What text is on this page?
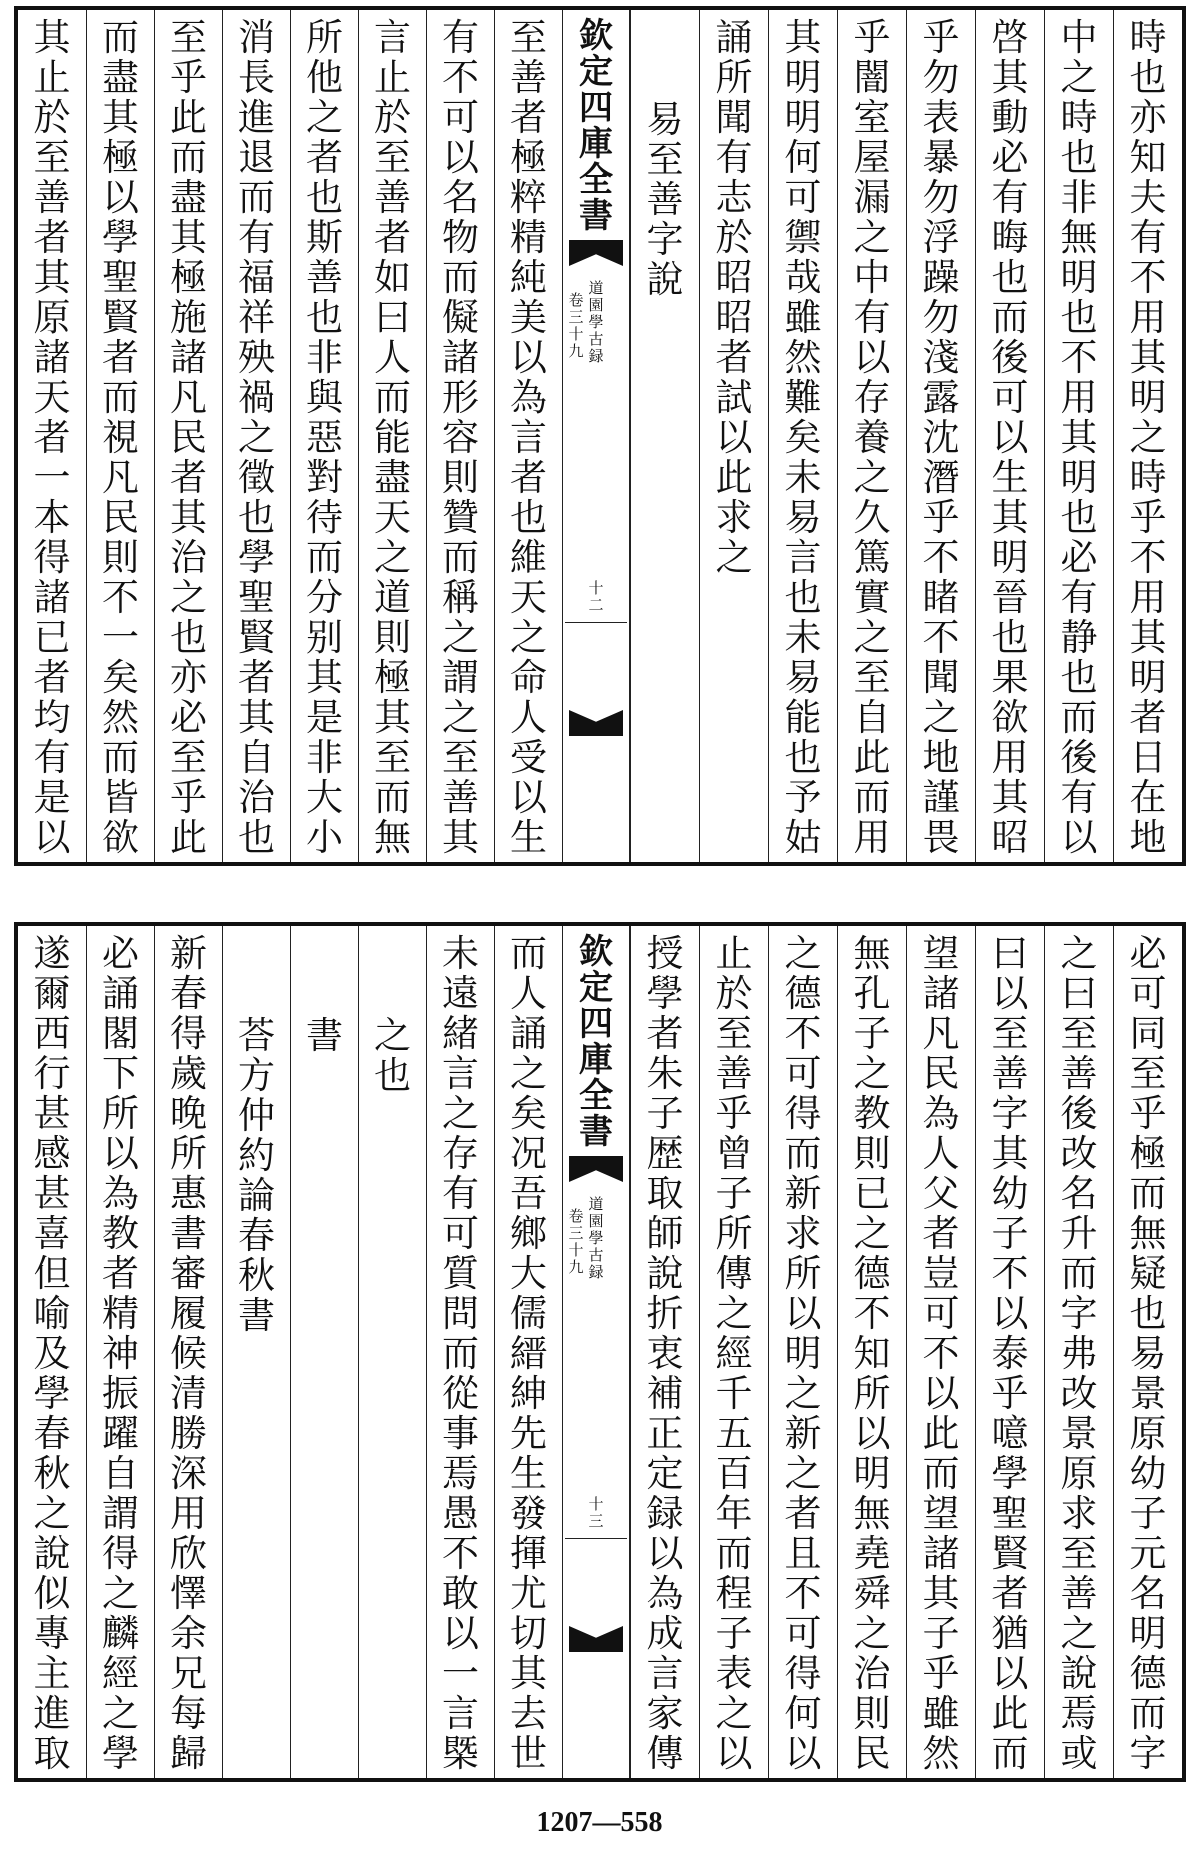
時
也
亦
知
夫
有
不
用
其
明
之
時
乎
不
用
其
明
者
日
在
地
中
之
時
也
非
無
明
也
不
用
其
明
也
必
有
静
也
而
後
有
以
啓
其
動
必
有
晦
也
而
後
可
以
生
其
明
晉
也
果
欲
用
其
昭
乎
勿
表
暴
勿
浮
躁
勿
淺
露
沈
潛
乎
不
睹
不
聞
之
地
謹
畏
乎
闇
室
屋
漏
之
中
有
以
存
養
之
久
篤
實
之
至
自
此
而
用
其
明
明
何
可
禦
哉
雖
然
難
矣
未
易
言
也
未
易
能
也
予
姑
誦
所
聞
有
志
於
昭
昭
者
試
以
此
求
之
易
至
善
字
說
欽
定
四
庫
全
書
道
園
學
古
録
卷
三
十
九
十
二
至
善
者
極
粹
精
純
美
以
為
言
者
也
維
天
之
命
人
受
以
生
有
不
可
以
名
物
而
儗
諸
形
容
則
贊
而
稱
之
謂
之
至
善
其
言
止
於
至
善
者
如
曰
人
而
能
盡
天
之
道
則
極
其
至
而
無
所
他
之
者
也
斯
善
也
非
與
惡
對
待
而
分
别
其
是
非
大
小
消
長
進
退
而
有
福
祥
殃
禍
之
徵
也
學
聖
賢
者
其
自
治
也
至
乎
此
而
盡
其
極
施
諸
凡
民
者
其
治
之
也
亦
必
至
乎
此
而
盡
其
極
以
學
聖
賢
者
而
視
凡
民
則
不
一
矣
然
而
皆
欲
其
止
於
至
善
者
其
原
諸
天
者
一
本
得
諸
已
者
均
有
是
以
必
可
同
至
乎
極
而
無
疑
也
易
景
原
幼
子
元
名
明
德
而
字
之
曰
至
善
後
改
名
升
而
字
弗
改
景
原
求
至
善
之
說
焉
或
曰
以
至
善
字
其
幼
子
不
以
泰
乎
噫
學
聖
賢
者
猶
以
此
而
望
諸
凡
民
為
人
父
者
豈
可
不
以
此
而
望
諸
其
子
乎
雖
然
無
孔
子
之
教
則
已
之
德
不
知
所
以
明
無
堯
舜
之
治
則
民
之
德
不
可
得
而
新
求
所
以
明
之
新
之
者
且
不
可
得
何
以
止
於
至
善
乎
曾
子
所
傳
之
經
千
五
百
年
而
程
子
表
之
以
授
學
者
朱
子
歴
取
師
說
折
衷
補
正
定
録
以
為
成
言
家
傳
欽
定
四
庫
全
書
道
園
學
古
録
卷
三
十
九
十
三
而
人
誦
之
矣
况
吾
鄉
大
儒
縉
紳
先
生
發
揮
尤
切
其
去
世
未
遠
緒
言
之
存
有
可
質
問
而
從
事
焉
愚
不
敢
以
一
言
槩
之
也
書
荅
方
仲
約
論
春
秋
書
新
春
得
歲
晚
所
惠
書
審
履
候
清
勝
深
用
欣
懌
余
兄
每
歸
必
誦
閣
下
所
以
為
教
者
精
神
振
躍
自
謂
得
之
麟
經
之
學
遂
爾
西
行
甚
感
甚
喜
但
喻
及
學
春
秋
之
說
似
專
主
進
取
1207—558
